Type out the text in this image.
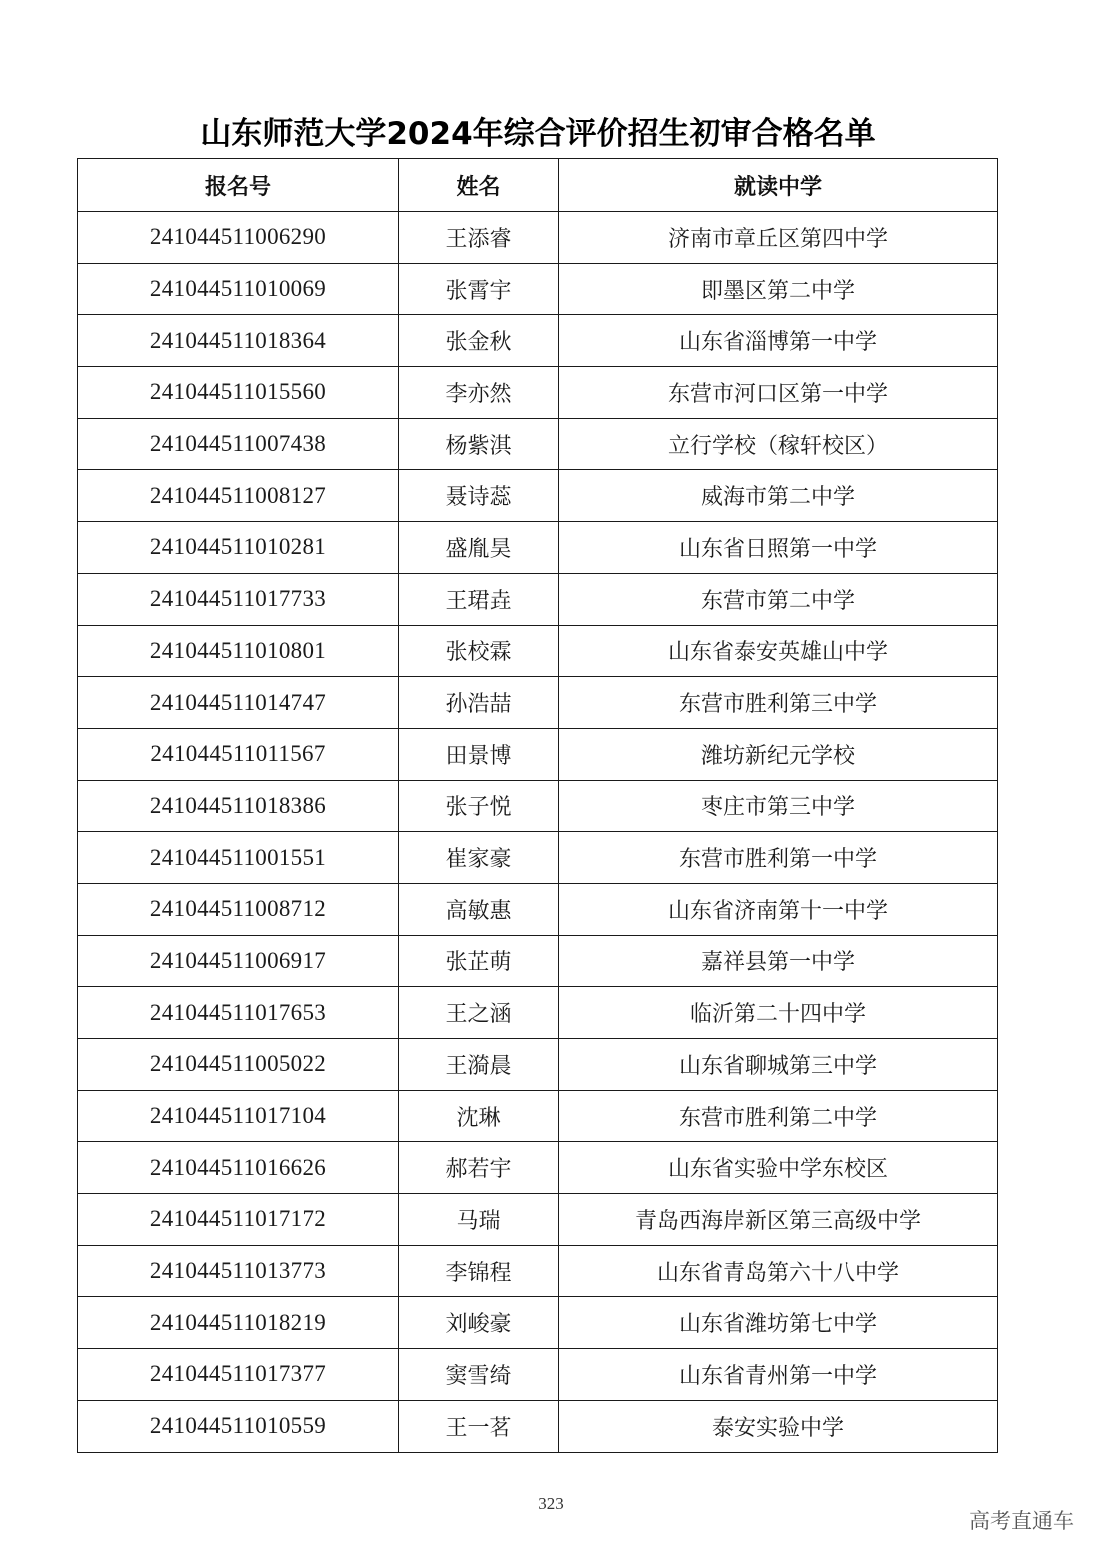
山东师范大学2024年综合评价招生初审合格名单
报名号	姓名	就读中学
241044511006290	王添睿	济南市章丘区第四中学
241044511010069	张霄宇	即墨区第二中学
241044511018364	张金秋	山东省淄博第一中学
241044511015560	李亦然	东营市河口区第一中学
241044511007438	杨紫淇	立行学校（稼轩校区）
241044511008127	聂诗蕊	威海市第二中学
241044511010281	盛胤昊	山东省日照第一中学
241044511017733	王珺垚	东营市第二中学
241044511010801	张校霖	山东省泰安英雄山中学
241044511014747	孙浩喆	东营市胜利第三中学
241044511011567	田景博	潍坊新纪元学校
241044511018386	张子悦	枣庄市第三中学
241044511001551	崔家豪	东营市胜利第一中学
241044511008712	高敏惠	山东省济南第十一中学
241044511006917	张芷萌	嘉祥县第一中学
241044511017653	王之涵	临沂第二十四中学
241044511005022	王漪晨	山东省聊城第三中学
241044511017104	沈琳	东营市胜利第二中学
241044511016626	郝若宇	山东省实验中学东校区
241044511017172	马瑞	青岛西海岸新区第三高级中学
241044511013773	李锦程	山东省青岛第六十八中学
241044511018219	刘峻豪	山东省潍坊第七中学
241044511017377	窦雪绮	山东省青州第一中学
241044511010559	王一茗	泰安实验中学
323
高考直通车
